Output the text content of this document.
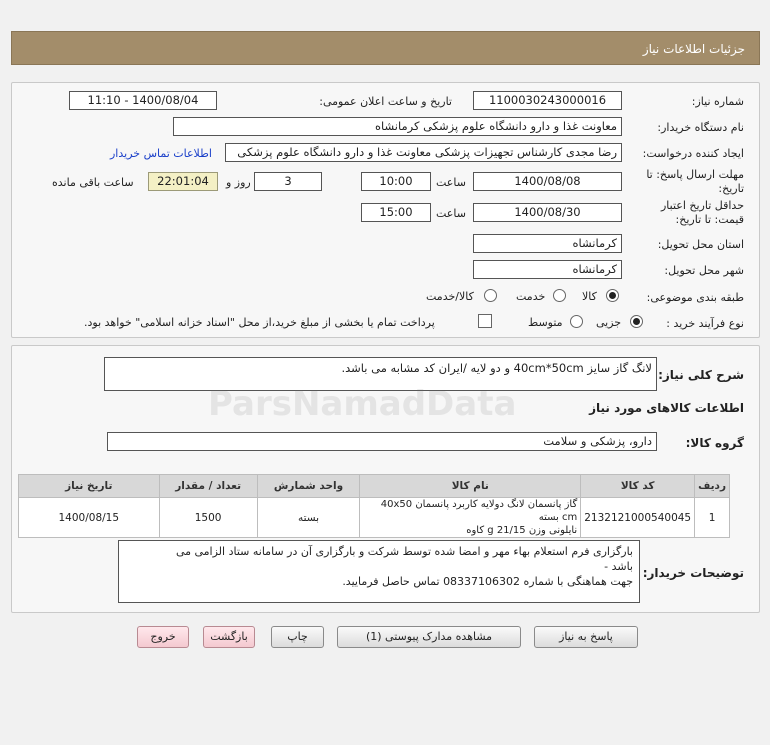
جزئیات اطلاعات نیاز
شماره نیاز:
1100030243000016
تاریخ و ساعت اعلان عمومی:
1400/08/04 - 11:10
نام دستگاه خریدار:
معاونت غذا و دارو دانشگاه علوم پزشکی کرمانشاه
ایجاد کننده درخواست:
رضا مجدی کارشناس تجهیزات پزشکی معاونت غذا و دارو دانشگاه علوم پزشکی
اطلاعات تماس خریدار
مهلت ارسال پاسخ: تا
تاریخ:
1400/08/08
ساعت
10:00
3
روز و
22:01:04
ساعت باقی مانده
حداقل تاریخ اعتبار
قیمت: تا تاریخ:
1400/08/30
ساعت
15:00
استان محل تحویل:
کرمانشاه
شهر محل تحویل:
کرمانشاه
طبقه بندی موضوعی:
کالا
خدمت
کالا/خدمت
نوع فرآیند خرید :
جزیی
متوسط
پرداخت تمام یا بخشی از مبلغ خرید،از محل "اسناد خزانه اسلامی" خواهد بود.
شرح کلی نیاز:
لانگ گاز سایز 40cm*50cm و دو لایه /ایران کد مشابه می باشد.
اطلاعات کالاهای مورد نیاز
گروه کالا:
دارو، پزشکی و سلامت
ردیف	کد کالا	نام کالا	واحد شمارش	تعداد / مقدار	تاریخ نیاز
1	2132121000540045	گاز پانسمان لانگ دولایه کاربرد پانسمان 40x50 cm بسته
نایلونی وزن 21/15 g کاوه	بسته	1500	1400/08/15
توضیحات خریدار:
بارگزاری فرم استعلام بهاء مهر و امضا شده توسط شرکت و بارگزاری آن در سامانه ستاد الزامی می
باشد -
جهت هماهنگی با شماره 08337106302 تماس حاصل فرمایید.
پاسخ به نیاز
مشاهده مدارک پیوستی (1)
چاپ
بازگشت
خروج
